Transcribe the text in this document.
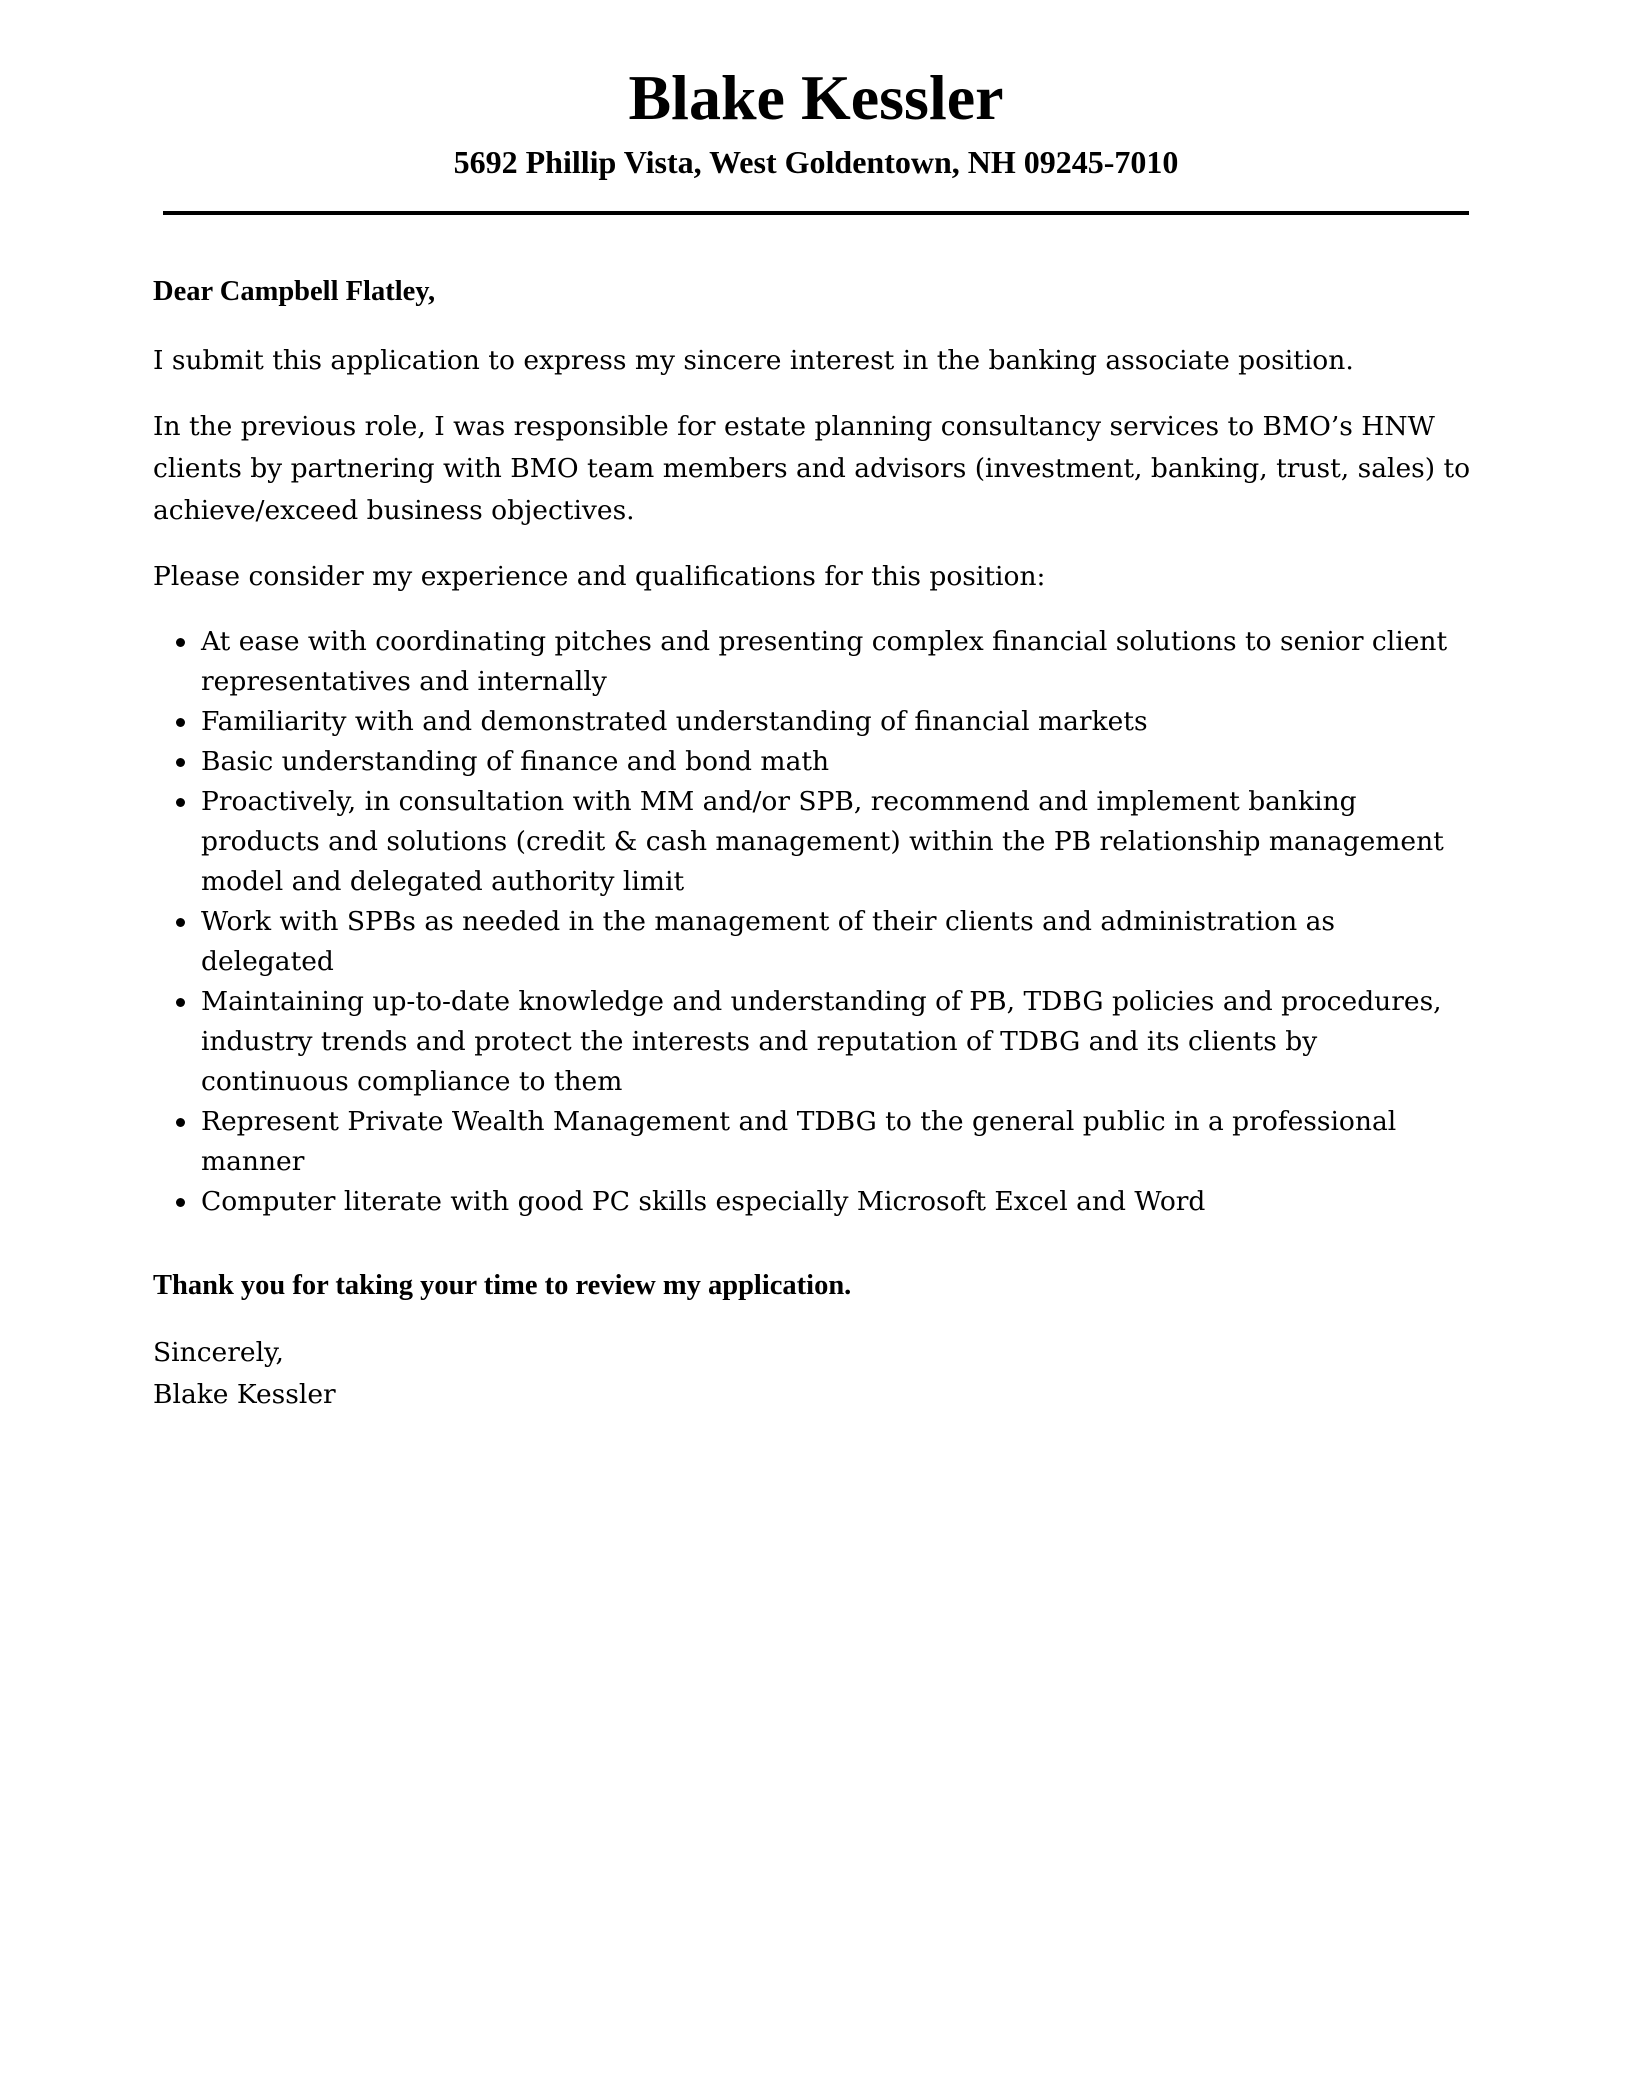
Blake Kessler
5692 Phillip Vista, West Goldentown, NH 09245-7010

Dear Campbell Flatley,

I submit this application to express my sincere interest in the banking associate position.

In the previous role, I was responsible for estate planning consultancy services to BMO’s HNW clients by partnering with BMO team members and advisors (investment, banking, trust, sales) to achieve/exceed business objectives.

Please consider my experience and qualifications for this position:

At ease with coordinating pitches and presenting complex financial solutions to senior client representatives and internally
Familiarity with and demonstrated understanding of financial markets
Basic understanding of finance and bond math
Proactively, in consultation with MM and/or SPB, recommend and implement banking products and solutions (credit & cash management) within the PB relationship management model and delegated authority limit
Work with SPBs as needed in the management of their clients and administration as delegated
Maintaining up-to-date knowledge and understanding of PB, TDBG policies and procedures, industry trends and protect the interests and reputation of TDBG and its clients by continuous compliance to them
Represent Private Wealth Management and TDBG to the general public in a professional manner
Computer literate with good PC skills especially Microsoft Excel and Word

Thank you for taking your time to review my application.

Sincerely,

Blake Kessler
